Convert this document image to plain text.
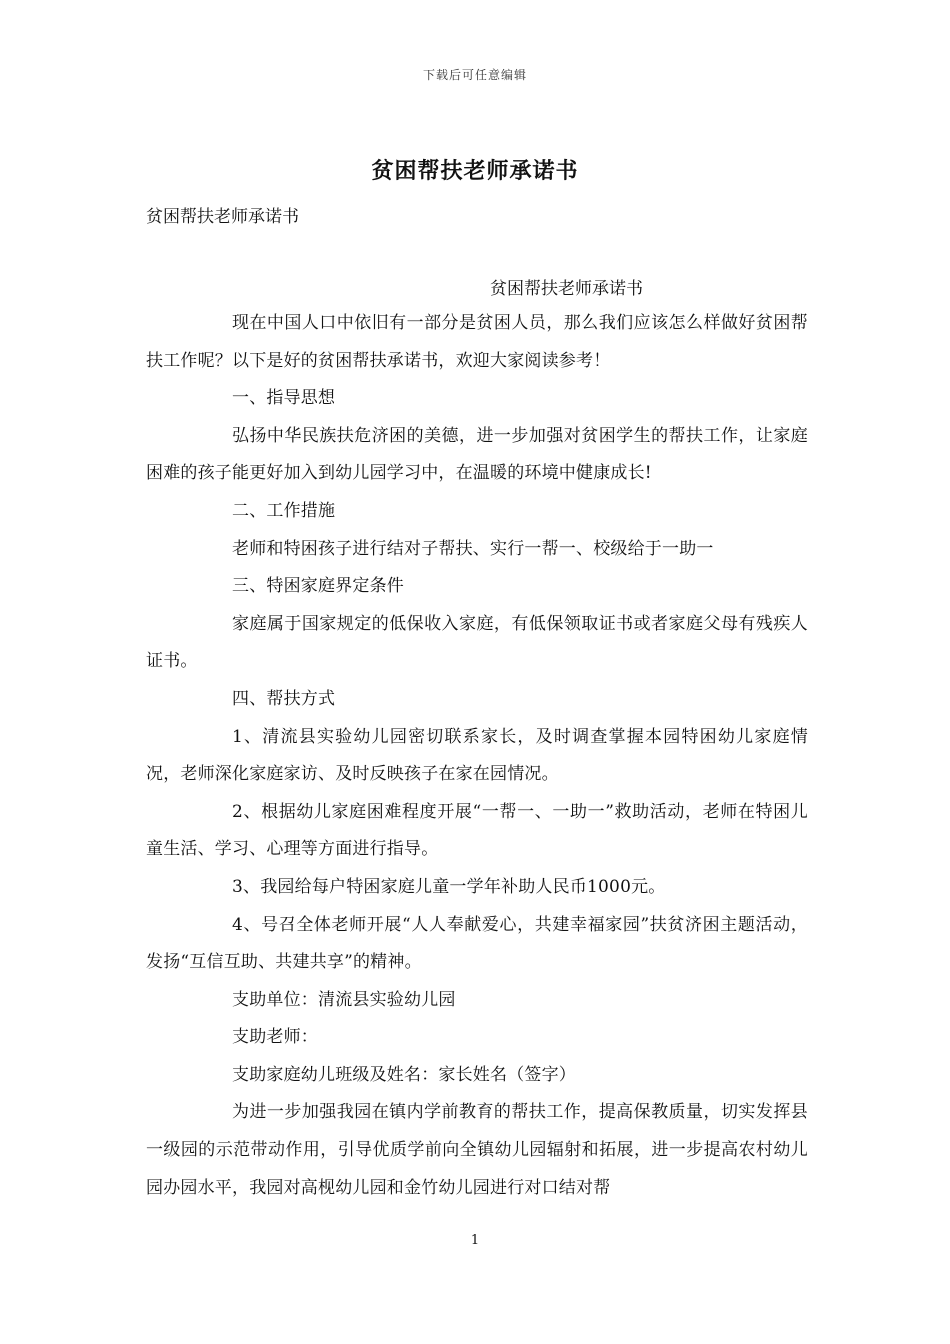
下载后可任意编辑
贫困帮扶老师承诺书
贫困帮扶老师承诺书
贫困帮扶老师承诺书

现在中国人口中依旧有一部分是贫困人员，那么我们应该怎么样做好贫困帮扶工作呢？以下是好的贫困帮扶承诺书，欢迎大家阅读参考！

一、指导思想

弘扬中华民族扶危济困的美德，进一步加强对贫困学生的帮扶工作，让家庭困难的孩子能更好加入到幼儿园学习中，在温暖的环境中健康成长!

二、工作措施

老师和特困孩子进行结对子帮扶、实行一帮一、校级给于一助一

三、特困家庭界定条件

家庭属于国家规定的低保收入家庭，有低保领取证书或者家庭父母有残疾人证书。

四、帮扶方式

1、清流县实验幼儿园密切联系家长，及时调查掌握本园特困幼儿家庭情况，老师深化家庭家访、及时反映孩子在家在园情况。

2、根据幼儿家庭困难程度开展“一帮一、一助一”救助活动，老师在特困儿童生活、学习、心理等方面进行指导。

3、我园给每户特困家庭儿童一学年补助人民币1000元。

4、号召全体老师开展“人人奉献爱心，共建幸福家园”扶贫济困主题活动，发扬“互信互助、共建共享”的精神。

支助单位：清流县实验幼儿园

支助老师：

支助家庭幼儿班级及姓名：家长姓名（签字）

为进一步加强我园在镇内学前教育的帮扶工作，提高保教质量，切实发挥县一级园的示范带动作用，引导优质学前向全镇幼儿园辐射和拓展，进一步提高农村幼儿园办园水平，我园对高枧幼儿园和金竹幼儿园进行对口结对帮

1
